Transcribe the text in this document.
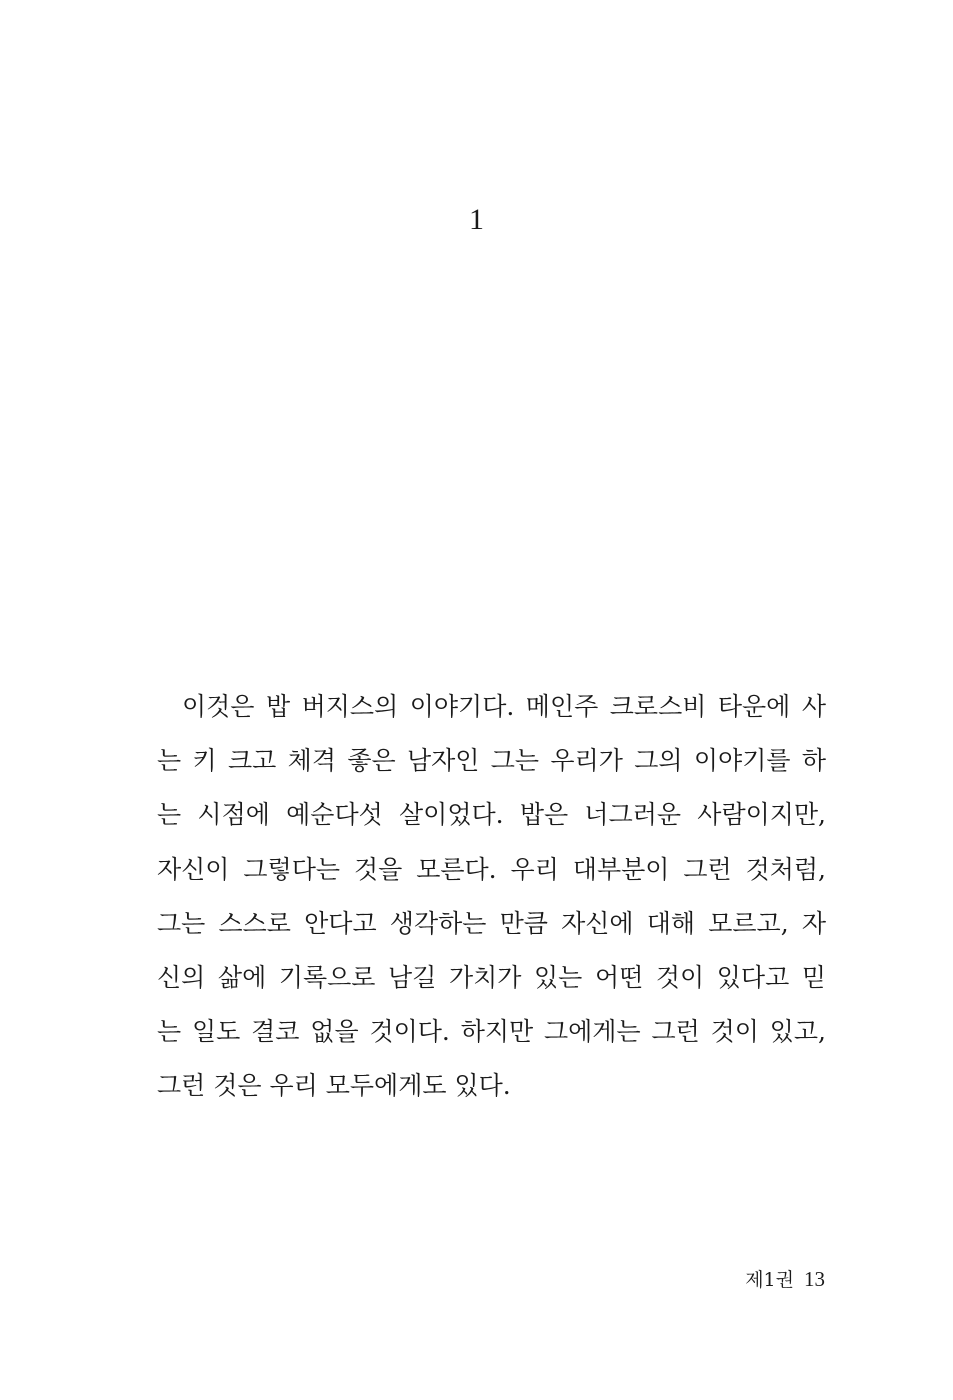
1
이것은 밥 버지스의 이야기다. 메인주 크로스비 타운에 사
는 키 크고 체격 좋은 남자인 그는 우리가 그의 이야기를 하
는 시점에 예순다섯 살이었다. 밥은 너그러운 사람이지만,
자신이 그렇다는 것을 모른다. 우리 대부분이 그런 것처럼,
그는 스스로 안다고 생각하는 만큼 자신에 대해 모르고, 자
신의 삶에 기록으로 남길 가치가 있는 어떤 것이 있다고 믿
는 일도 결코 없을 것이다. 하지만 그에게는 그런 것이 있고,
그런 것은 우리 모두에게도 있다.
제1권 13
